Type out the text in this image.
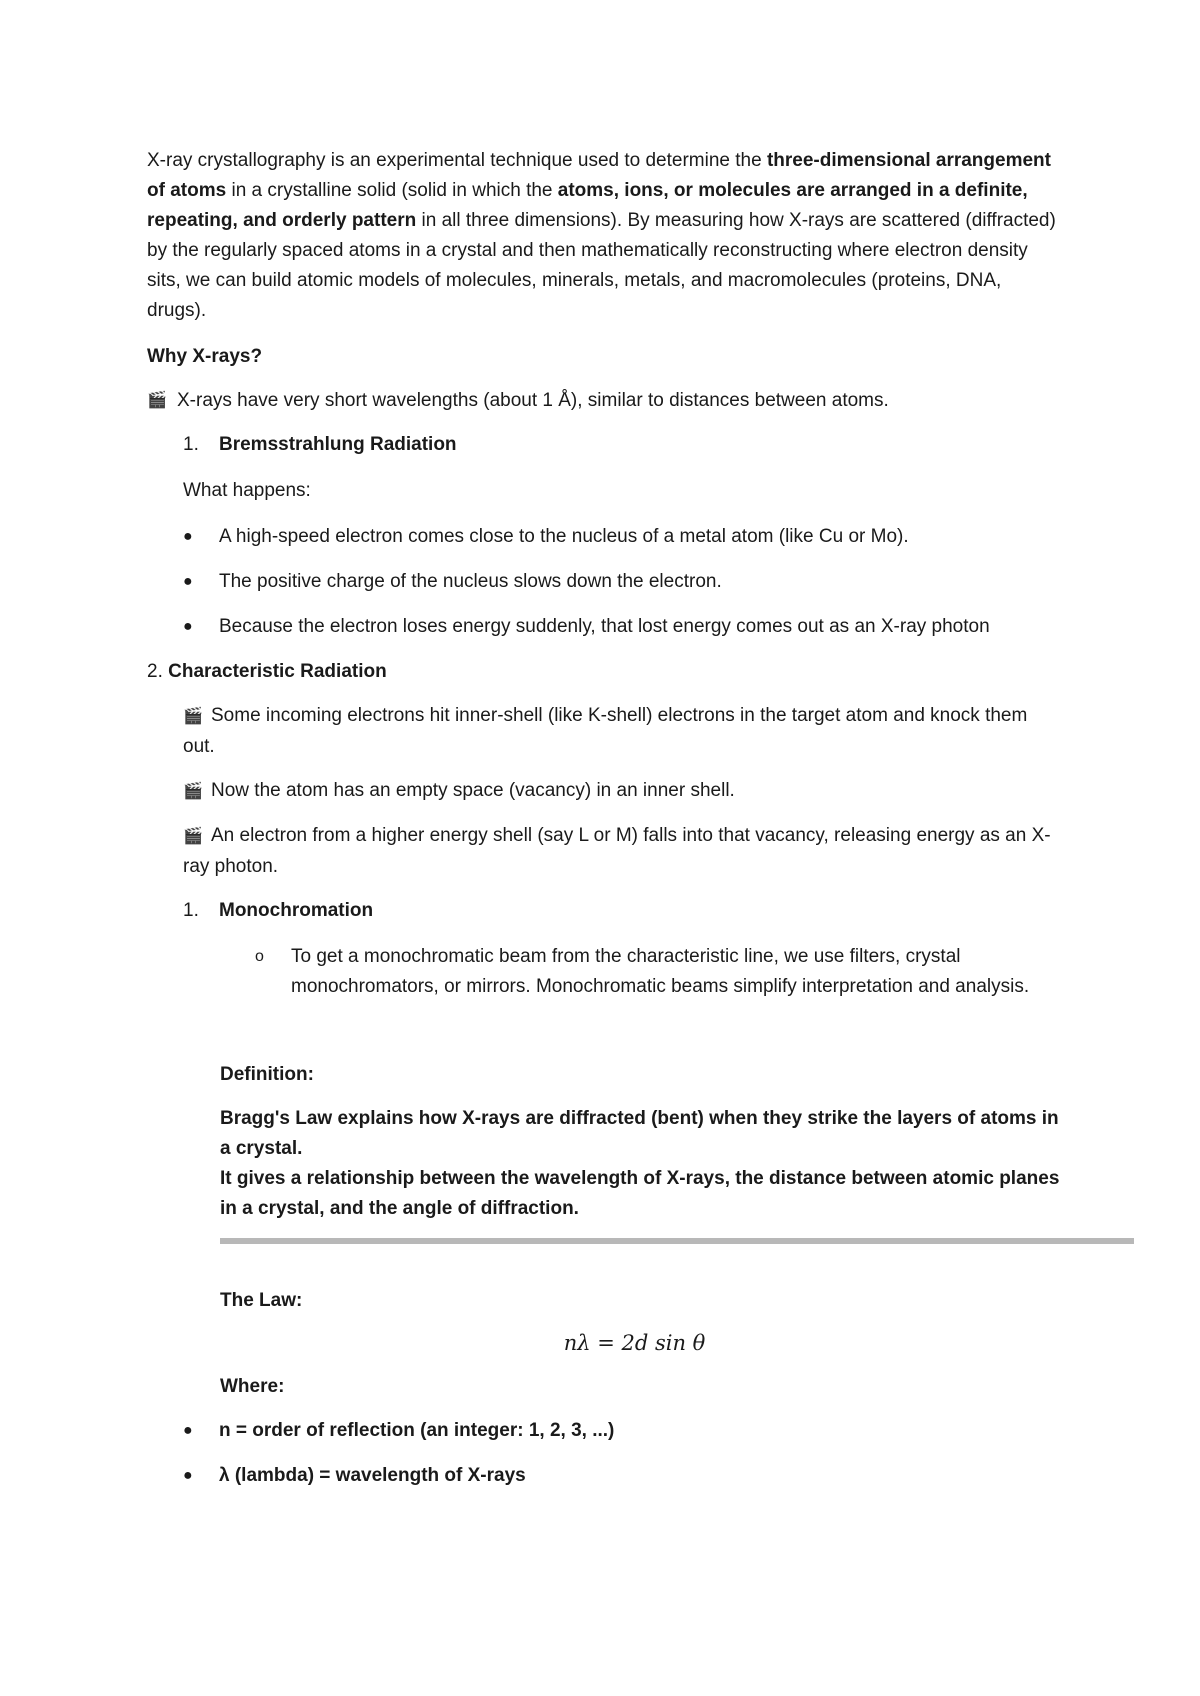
X-ray crystallography is an experimental technique used to determine the three-dimensional arrangement of atoms in a crystalline solid (solid in which the atoms, ions, or molecules are arranged in a definite, repeating, and orderly pattern in all three dimensions). By measuring how X-rays are scattered (diffracted) by the regularly spaced atoms in a crystal and then mathematically reconstructing where electron density sits, we can build atomic models of molecules, minerals, metals, and macromolecules (proteins, DNA, drugs).

Why X-rays?

🎬 X-rays have very short wavelengths (about 1 Å), similar to distances between atoms.
1.	Bremsstrahlung Radiation

What happens:

●	A high-speed electron comes close to the nucleus of a metal atom (like Cu or Mo).
●	The positive charge of the nucleus slows down the electron.
●	Because the electron loses energy suddenly, that lost energy comes out as an X-ray photon

2. Characteristic Radiation

🎬 Some incoming electrons hit inner-shell (like K-shell) electrons in the target atom and knock them out.
🎬 Now the atom has an empty space (vacancy) in an inner shell.
🎬 An electron from a higher energy shell (say L or M) falls into that vacancy, releasing energy as an X-ray photon.
1.	Monochromation
o	To get a monochromatic beam from the characteristic line, we use filters, crystal monochromators, or mirrors. Monochromatic beams simplify interpretation and analysis.

Definition:

Bragg's Law explains how X-rays are diffracted (bent) when they strike the layers of atoms in a crystal.

It gives a relationship between the wavelength of X-rays, the distance between atomic planes in a crystal, and the angle of diffraction.

The Law:

nλ = 2d sin θ

Where:

●	n = order of reflection (an integer: 1, 2, 3, ...)
●	λ (lambda) = wavelength of X-rays
